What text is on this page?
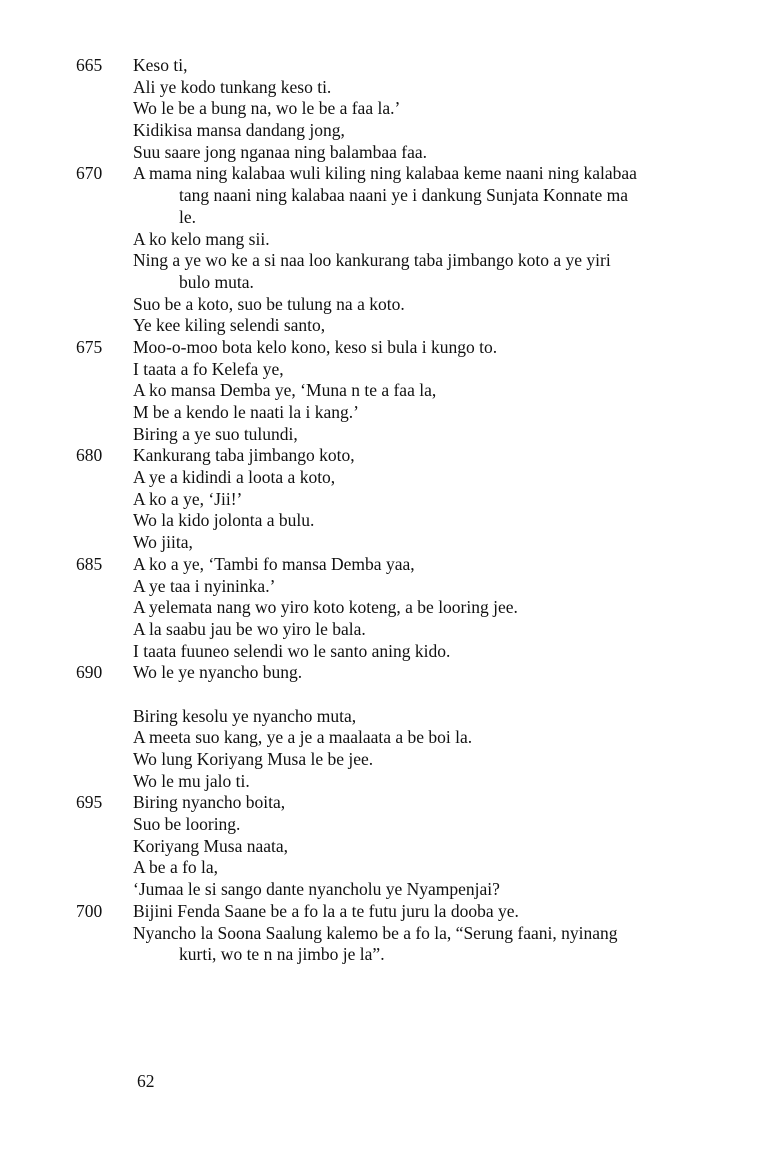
665 Keso ti,
Ali ye kodo tunkang keso ti.
Wo le be a bung na, wo le be a faa la.’
Kidikisa mansa dandang jong,
Suu saare jong nganaa ning balambaa faa.
670 A mama ning kalabaa wuli kiling ning kalabaa keme naani ning kalabaa
tang naani ning kalabaa naani ye i dankung Sunjata Konnate ma
le.
A ko kelo mang sii.
Ning a ye wo ke a si naa loo kankurang taba jimbango koto a ye yiri
bulo muta.
Suo be a koto, suo be tulung na a koto.
Ye kee kiling selendi santo,
675 Moo-o-moo bota kelo kono, keso si bula i kungo to.
I taata a fo Kelefa ye,
A ko mansa Demba ye, ‘Muna n te a faa la,
M be a kendo le naati la i kang.’
Biring a ye suo tulundi,
680 Kankurang taba jimbango koto,
A ye a kidindi a loota a koto,
A ko a ye, ‘Jii!’
Wo la kido jolonta a bulu.
Wo jiita,
685 A ko a ye, ‘Tambi fo mansa Demba yaa,
A ye taa i nyininka.’
A yelemata nang wo yiro koto koteng, a be looring jee.
A la saabu jau be wo yiro le bala.
I taata fuuneo selendi wo le santo aning kido.
690 Wo le ye nyancho bung.
Biring kesolu ye nyancho muta,
A meeta suo kang, ye a je a maalaata a be boi la.
Wo lung Koriyang Musa le be jee.
Wo le mu jalo ti.
695 Biring nyancho boita,
Suo be looring.
Koriyang Musa naata,
A be a fo la,
‘Jumaa le si sango dante nyancholu ye Nyampenjai?
700 Bijini Fenda Saane be a fo la a te futu juru la dooba ye.
Nyancho la Soona Saalung kalemo be a fo la, “Serung faani, nyinang
kurti, wo te n na jimbo je la”.
62
